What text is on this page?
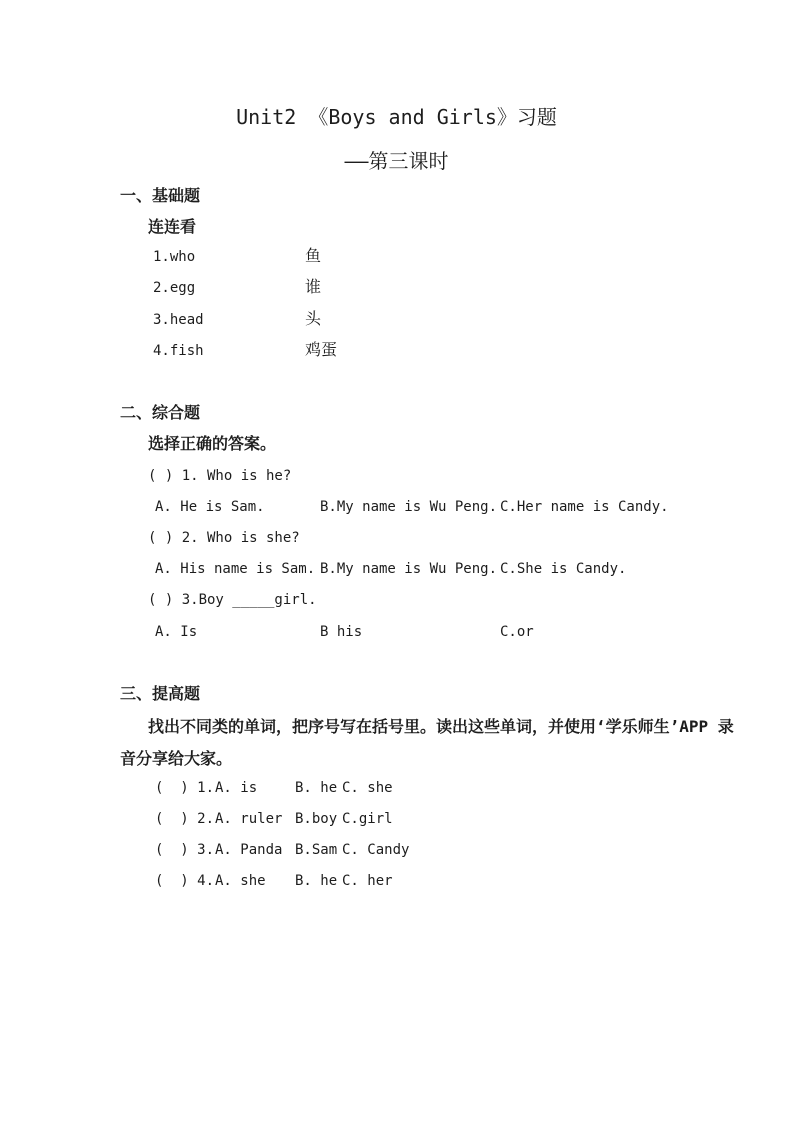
Unit2 《Boys and Girls》习题
——第三课时
一、基础题
连连看
1.who	鱼
2.egg	谁
3.head	头
4.fish	鸡蛋
二、综合题
选择正确的答案。
( ) 1. Who is he?
A. He is Sam.	B.My name is Wu Peng. C.Her name is Candy.
( ) 2. Who is she?
A. His name is Sam. B.My name is Wu Peng. C.She is Candy.
( ) 3.Boy _____girl.
A. Is	B his	C.or
三、提高题
找出不同类的单词，把序号写在括号里。读出这些单词，并使用‘学乐师生’APP 录
音分享给大家。
(  ) 1. A. is	B. he C. she
(  ) 2. A. ruler B.boy C.girl
(  ) 3. A. Panda B.Sam C. Candy
(  ) 4. A. she B. he C. her
